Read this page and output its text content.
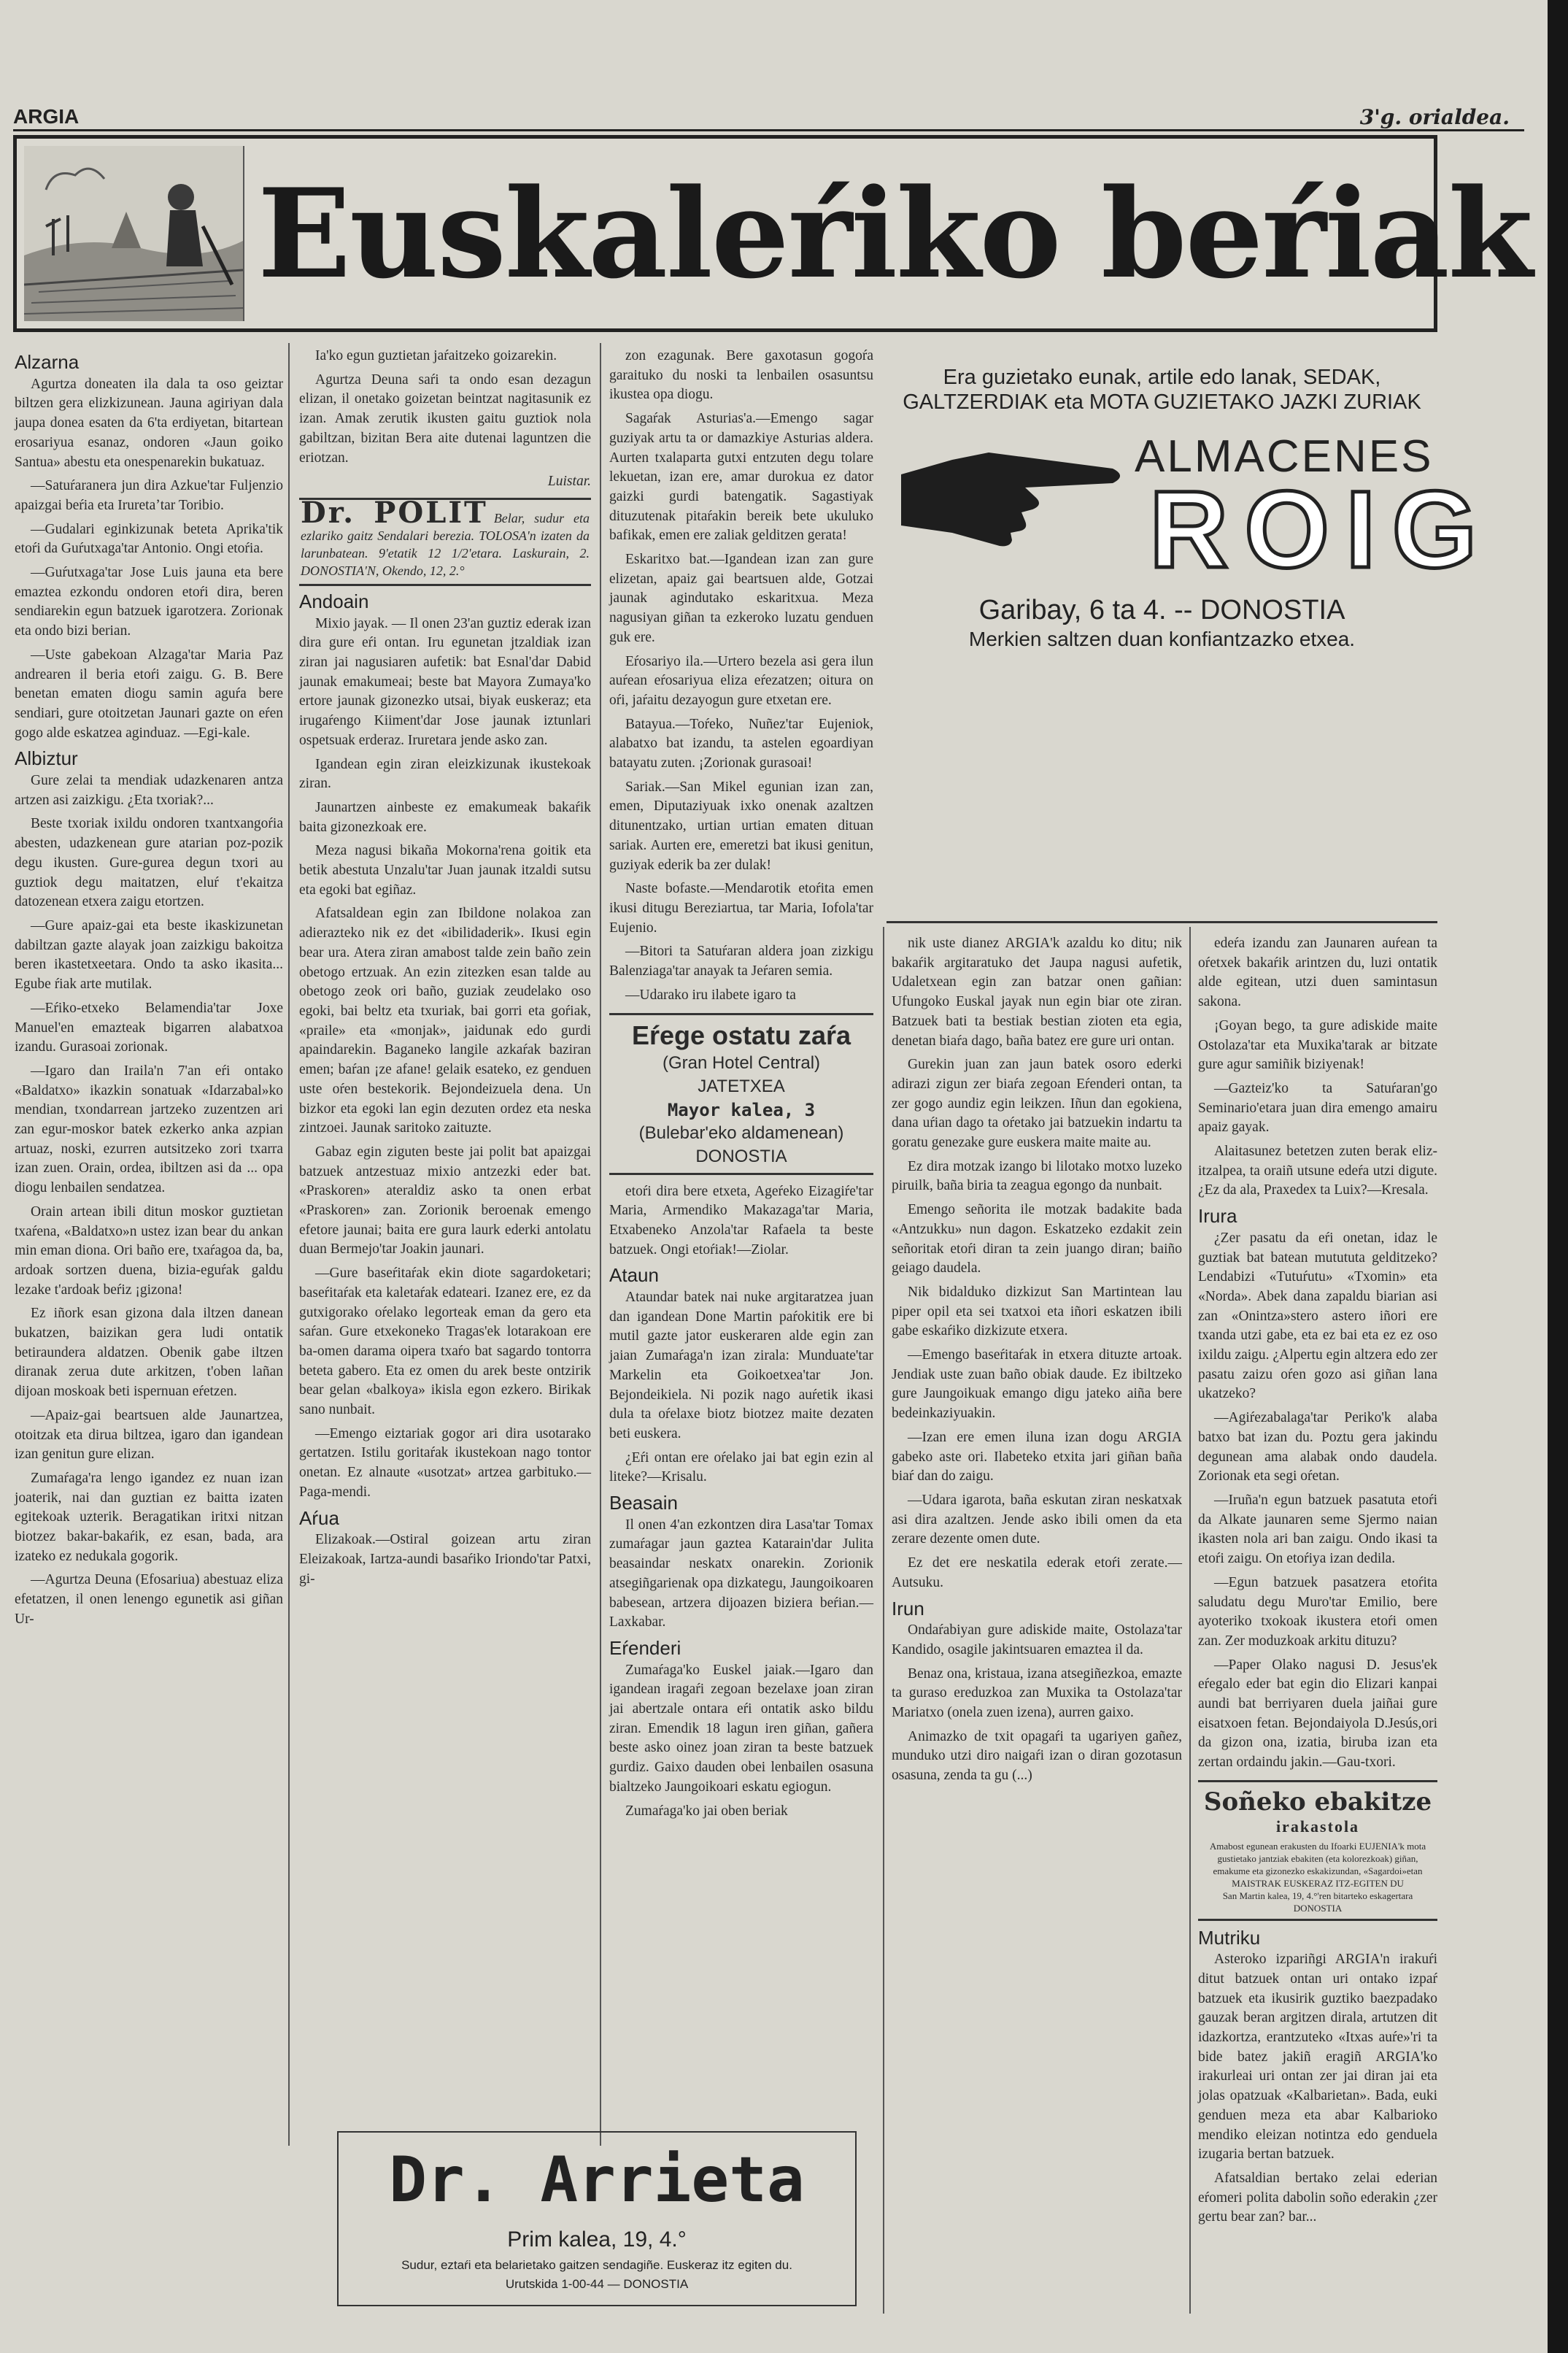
ARGIA	3'g. orialdea.
Euskaleŕiko beŕiak
Alzarna

Agurtza doneaten ila dala ta oso geiztar biltzen gera elizkizunean. Jauna agiriyan dala jaupa donea esaten da 6'ta erdiyetan, bitartean erosariyua esanaz, ondoren «Jaun goiko Santua» abestu eta onespenarekin bukatuaz.

—Satuŕaranera jun dira Azkue'tar Fuljenzio apaizgai beŕia eta Iruretaʼtar Toribio.

—Gudalari eginkizunak beteta Aprika'tik etoŕi da Guŕutxaga'tar Antonio. Ongi etoŕia.

—Guŕutxaga'tar Jose Luis jauna eta bere emaztea ezkondu ondoren etoŕi dira, beren sendiarekin egun batzuek igarotzera. Zorionak eta ondo bizi berian.

—Uste gabekoan Alzaga'tar Maria Paz andrearen il beria etoŕi zaigu. G. B. Bere benetan ematen diogu samin aguŕa bere sendiari, gure otoitzetan Jaunari gazte on eŕen gogo alde eskatzea aginduaz. —Egi-kale.

Albiztur

Gure zelai ta mendiak udazkenaren antza artzen asi zaizkigu. ¿Eta txoriak?...

Beste txoriak ixildu ondoren txantxangoŕia abesten, udazkenean gure atarian poz-pozik degu ikusten. Gure-gurea degun txori au guztiok degu maitatzen, eluŕ t'ekaitza datozenean etxera zaigu etortzen.

—Gure apaiz-gai eta beste ikaskizunetan dabiltzan gazte alayak joan zaizkigu bakoitza beren ikastetxeetara. Ondo ta asko ikasita... Egube ŕiak arte mutilak.

—Eŕiko-etxeko Belamendia'tar Joxe Manuel'en emazteak bigarren alabatxoa izandu. Gurasoai zorionak.

—Igaro dan Iraila'n 7'an eŕi ontako «Baldatxo» ikazkin sonatuak «Idarzabal»ko mendian, txondarrean jartzeko zuzentzen ari zan egur-moskor batek ezkerko anka azpian artuaz, noski, ezurren autsitzeko zori txarra izan zuen. Orain, ordea, ibiltzen asi da ... opa diogu lenbailen sendatzea.

Orain artean ibili ditun moskor guztietan txaŕena, «Baldatxo»n ustez izan bear du ankan min eman diona. Ori baño ere, txaŕagoa da, ba, ardoak sortzen duena, bizia-eguŕak galdu lezake t'ardoak beŕiz ¡gizona!

Ez iñork esan gizona dala iltzen danean bukatzen, baizikan gera ludi ontatik betiraundera aldatzen. Obenik gabe iltzen diranak zerua dute arkitzen, t'oben lañan dijoan moskoak beti ispernuan eŕetzen.

—Apaiz-gai beartsuen alde Jaunartzea, otoitzak eta dirua biltzea, igaro dan igandean izan genitun gure elizan.

Zumaŕaga'ra lengo igandez ez nuan izan joaterik, nai dan guztian ez baitta izaten egitekoak uzterik. Beragatikan iritxi nitzan biotzez bakar-bakaŕik, ez esan, bada, ara izateko ez nedukala gogorik.

—Agurtza Deuna (Efosariua) abestuaz eliza efetatzen, il onen lenengo egunetik asi giñan Ur-

Ia'ko egun guztietan jaŕaitzeko goizarekin.

Agurtza Deuna saŕi ta ondo esan dezagun elizan, il onetako goizetan beintzat nagitasunik ez izan. Amak zerutik ikusten gaitu guztiok nola gabiltzan, bizitan Bera aite dutenai laguntzen die eriotzan.

Luistar.

Dr. POLIT Belar, sudur eta ezlariko gaitz Sendalari berezia. TOLOSA'n izaten da larunbatean. 9'etatik 12 1/2'etara. Laskurain, 2. DONOSTIA'N, Okendo, 12, 2.°
Andoain

Mixio jayak. — Il onen 23'an guztiz ederak izan dira gure eŕi ontan. Iru egunetan jtzaldiak izan ziran jai nagusiaren aufetik: bat Esnal'dar Dabid jaunak emakumeai; beste bat Mayora Zumaya'ko ertore jaunak gizonezko utsai, biyak euskeraz; eta irugaŕengo Kiiment'dar Jose jaunak iztunlari ospetsuak erderaz. Iruretara jende asko zan.

Igandean egin ziran eleizkizunak ikustekoak ziran.

Jaunartzen ainbeste ez emakumeak bakaŕik baita gizonezkoak ere.

Meza nagusi bikaña Mokorna'rena goitik eta betik abestuta Unzalu'tar Juan jaunak itzaldi sutsu eta egoki bat egiñaz.

Afatsaldean egin zan Ibildone nolakoa zan adierazteko nik ez det «ibilidaderik». Ikusi egin bear ura. Atera ziran amabost talde zein baño zein obetogo ertzuak. An ezin zitezken esan talde au obetogo zeok ori baño, guziak zeudelako oso egoki, bai beltz eta txuriak, bai gorri eta goŕiak, «praile» eta «monjak», jaidunak edo gurdi apaindarekin. Baganeko langile azkaŕak baziran emen; baŕan ¡ze afane! gelaik esateko, ez genduen uste oŕen bestekorik. Bejondeizuela dena. Un bizkor eta egoki lan egin dezuten ordez eta neska zintzoei. Jaunak saritoko zaituzte.

Gabaz egin ziguten beste jai polit bat apaizgai batzuek antzestuaz mixio antzezki eder bat. «Praskoren» ateraldiz asko ta onen erbat «Praskoren» zan. Zorionik beroenak emengo efetore jaunai; baita ere gura laurk ederki antolatu duan Bermejo'tar Joakin jaunari.

—Gure baseŕitaŕak ekin diote sagardoketari; baseŕitaŕak eta kaletaŕak edateari. Izanez ere, ez da gutxigorako oŕelako legorteak eman da gero eta saŕan. Gure etxekoneko Tragas'ek lotarakoan ere ba-omen darama oipera txaŕo bat sagardo tontorra beteta gabero. Eta ez omen du arek beste ontzirik bear gelan «balkoya» ikisla egon ezkero. Birikak sano nunbait.

—Emengo eiztariak gogor ari dira usotarako gertatzen. Istilu goritaŕak ikustekoan nago tontor onetan. Ez alnaute «usotzat» artzea garbituko.—Paga-mendi.

Aŕua

Elizakoak.—Ostiral goizean artu ziran Eleizakoak, Iartza-aundi basaŕiko Iriondo'tar Patxi, gi-

zon ezagunak. Bere gaxotasun gogoŕa garaituko du noski ta lenbailen osasuntsu ikustea opa diogu.

Sagaŕak Asturias'a.—Emengo sagar guziyak artu ta or damazkiye Asturias aldera. Aurten txalaparta gutxi entzuten degu tolare lekuetan, izan ere, amar durokua ez dator gaizki gurdi batengatik. Sagastiyak dituzutenak pitaŕakin bereik bete ukuluko bafikak, emen ere zaliak gelditzen gerata!

Eskaritxo bat.—Igandean izan zan gure elizetan, apaiz gai beartsuen alde, Gotzai jaunak agindutako eskaritxua. Meza nagusiyan giñan ta ezkeroko luzatu genduen guk ere.

Eŕosariyo ila.—Urtero bezela asi gera ilun auŕean eŕosariyua eliza eŕezatzen; oitura on oŕi, jaŕaitu dezayogun gure etxetan ere.

Batayua.—Toŕeko, Nuñez'tar Eujeniok, alabatxo bat izandu, ta astelen egoardiyan batayatu zuten. ¡Zorionak gurasoai!

Sariak.—San Mikel egunian izan zan, emen, Diputaziyuak ixko onenak azaltzen ditunentzako, urtian urtian ematen dituan sariak. Aurten ere, emeretzi bat ikusi genitun, guziyak ederik ba zer dulak!

Naste bofaste.—Mendarotik etoŕita emen ikusi ditugu Bereziartua, tar Maria, Iofola'tar Eujenio.

—Bitori ta Satuŕaran aldera joan zizkigu Balenziaga'tar anayak ta Jeŕaren semia.

—Udarako iru ilabete igaro ta

Eŕege ostatu zaŕa
(Gran Hotel Central)
JATETXEA
Mayor kalea, 3
(Bulebar'eko aldamenean)
DONOSTIA

etoŕi dira bere etxeta, Ageŕeko Eizagiŕe'tar Maria, Armendiko Makazaga'tar Maria, Etxabeneko Anzola'tar Rafaela ta beste batzuek. Ongi etoŕiak!—Ziolar.

Ataun

Ataundar batek nai nuke argitaratzea juan dan igandean Done Martin paŕokitik ere bi mutil gazte jator euskeraren alde egin zan jaian Zumaŕaga'n izan zirala: Munduate'tar Markelin eta Goikoetxea'tar Jon. Bejondeikiela. Ni pozik nago auŕetik ikasi dula ta oŕelaxe biotz biotzez maite dezaten beti euskera.

¿Eŕi ontan ere oŕelako jai bat egin ezin al liteke?—Krisalu.

Beasain

Il onen 4'an ezkontzen dira Lasa'tar Tomax zumaŕagar jaun gaztea Katarain'dar Julita beasaindar neskatx onarekin. Zorionik atsegiñgarienak opa dizkategu, Jaungoikoaren babesean, artzera dijoazen biziera beŕian.—Laxkabar.

Eŕenderi

Zumaŕaga'ko Euskel jaiak.—Igaro dan igandean iragaŕi zegoan bezelaxe joan ziran jai abertzale ontara eŕi ontatik asko bildu ziran. Emendik 18 lagun iren giñan, gañera beste asko oinez joan ziran ta beste batzuek gurdiz. Gaixo dauden obei lenbailen osasuna bialtzeko Jaungoikoari eskatu egiogun.

Zumaŕaga'ko jai oben beriak

Era guzietako eunak, artile edo lanak, SEDAK, GALTZERDIAK eta MOTA GUZIETAKO JAZKI ZURIAK
ALMACENES
ROIG
Garibay, 6 ta 4. -- DONOSTIA
Merkien saltzen duan konfiantzazko etxea.

nik uste dianez ARGIA'k azaldu ko ditu; nik bakaŕik argitaratuko det Jaupa nagusi aufetik, Udaletxean egin zan batzar onen gañian: Ufungoko Euskal jayak nun egin biar ote ziran. Batzuek bati ta bestiak bestian zioten eta egia, denetan biaŕa dago, baña batez ere gure uri ontan.

Gurekin juan zan jaun batek osoro ederki adirazi zigun zer biaŕa zegoan Eŕenderi ontan, ta zer gogo aundiz egin leikzen. Iñun dan egokiena, dana uŕian dago ta oŕetako jai batzuekin indartu ta goratu genezake gure euskera maite maite au.

Ez dira motzak izango bi lilotako motxo luzeko piruilk, baña biria ta zeagua egongo da nunbait.

Emengo señorita ile motzak badakite bada «Antzukku» nun dagon. Eskatzeko ezdakit zein señoritak etoŕi diran ta zein juango diran; baiño geiago daudela.

Nik bidalduko dizkizut San Martintean lau piper opil eta sei txatxoi eta iñori eskatzen ibili gabe eskaŕiko dizkizute etxera.

—Emengo baseŕitaŕak in etxera dituzte artoak. Jendiak uste zuan baño obiak daude. Ez ibiltzeko gure Jaungoikuak emango digu jateko aiña bere bedeinkaziyuakin.

—Izan ere emen iluna izan dogu ARGIA gabeko aste ori. Ilabeteko etxita jari giñan baña biaŕ dan do zaigu.

—Udara igarota, baña eskutan ziran neskatxak asi dira azaltzen. Jende asko ibili omen da eta zerare dezente omen dute.

Ez det ere neskatila ederak etoŕi zerate.—Autsuku.

Irun

Ondaŕabiyan gure adiskide maite, Ostolaza'tar Kandido, osagile jakintsuaren emaztea il da.

Benaz ona, kristaua, izana atsegiñezkoa, emazte ta guraso ereduzkoa zan Muxika ta Ostolaza'tar Mariatxo (onela zuen izena), aurren gaixo.

Animazko de txit opagaŕi ta ugariyen gañez, munduko utzi diro naigaŕi izan o diran gozotasun osasuna, zenda ta gu (...)

edeŕa izandu zan Jaunaren auŕean ta oŕetxek bakaŕik arintzen du, luzi ontatik alde egitean, utzi duen samintasun sakona.

¡Goyan bego, ta gure adiskide maite Ostolaza'tar eta Muxika'tarak ar bitzate gure agur samiñik biziyenak!

—Gazteiz'ko ta Satuŕaran'go Seminario'etara juan dira emengo amairu apaiz gayak.

Alaitasunez betetzen zuten berak eliz-itzalpea, ta oraiñ utsune edeŕa utzi digute. ¿Ez da ala, Praxedex ta Luix?—Kresala.

Irura

¿Zer pasatu da eŕi onetan, idaz le guztiak bat batean mutututa gelditzeko? Lendabizi «Tutuŕutu» «Txomin» eta «Norda». Abek dana zapaldu biarian asi zan «Onintza»stero astero iñori ere txanda utzi gabe, eta ez bai eta ez ez oso ixildu zaigu. ¿Alpertu egin altzera edo zer pasatu zaizu oŕen gozo asi giñan lana ukatzeko?

—Agiŕezabalaga'tar Periko'k alaba batxo bat izan du. Poztu gera jakindu degunean ama alabak ondo daudela. Zorionak eta segi oŕetan.

—Iruña'n egun batzuek pasatuta etoŕi da Alkate jaunaren seme Sjermo naian ikasten nola ari ban zaigu. Ondo ikasi ta etoŕi zaigu. On etoŕiya izan dedila.

—Egun batzuek pasatzera etoŕita saludatu degu Muro'tar Emilio, bere ayoteriko txokoak ikustera etoŕi omen zan. Zer moduzkoak arkitu dituzu?

—Paper Olako nagusi D. Jesus'ek eŕegalo eder bat egin dio Elizari kanpai aundi bat berriyaren duela jaiñai gure eisatxoen fetan. Bejondaiyola D.Jesús,ori da gizon ona, izatia, biruba izan eta zertan ordaindu jakin.—Gau-txori.

Soñeko ebakitze
irakastola
Amabost egunean erakusten du Ifoarki EUJENIA'k mota gustietako jantziak ebakiten (eta kolorezkoak) giñan, emakume eta gizonezko eskakizundan, «Sagardoi»etan
MAISTRAK EUSKERAZ ITZ-EGITEN DU
San Martin kalea, 19, 4.°'ren bitarteko eskagertara
DONOSTIA
Mutriku

Asteroko izpariñgi ARGIA'n irakuŕi ditut batzuek ontan uri ontako izpaŕ batzuek eta ikusirik guztiko baezpadako gauzak beran argitzen dirala, artutzen dit idazkortza, erantzuteko «Itxas auŕe»'ri ta bide batez jakiñ eragiñ ARGIA'ko irakurleai uri ontan zer jai diran jai eta jolas opatzuak «Kalbarietan». Bada, euki genduen meza eta abar Kalbarioko mendiko eleizan notintza edo genduela izugaria bertan batzuek.

Afatsaldian bertako zelai ederian eŕomeri polita dabolin soño ederakin ¿zer gertu bear zan? bar...

Dr. Arrieta
Prim kalea, 19, 4.°
Sudur, eztaŕi eta belarietako gaitzen sendagiñe. Euskeraz itz egiten du.
Urutskida 1-00-44 — DONOSTIA
